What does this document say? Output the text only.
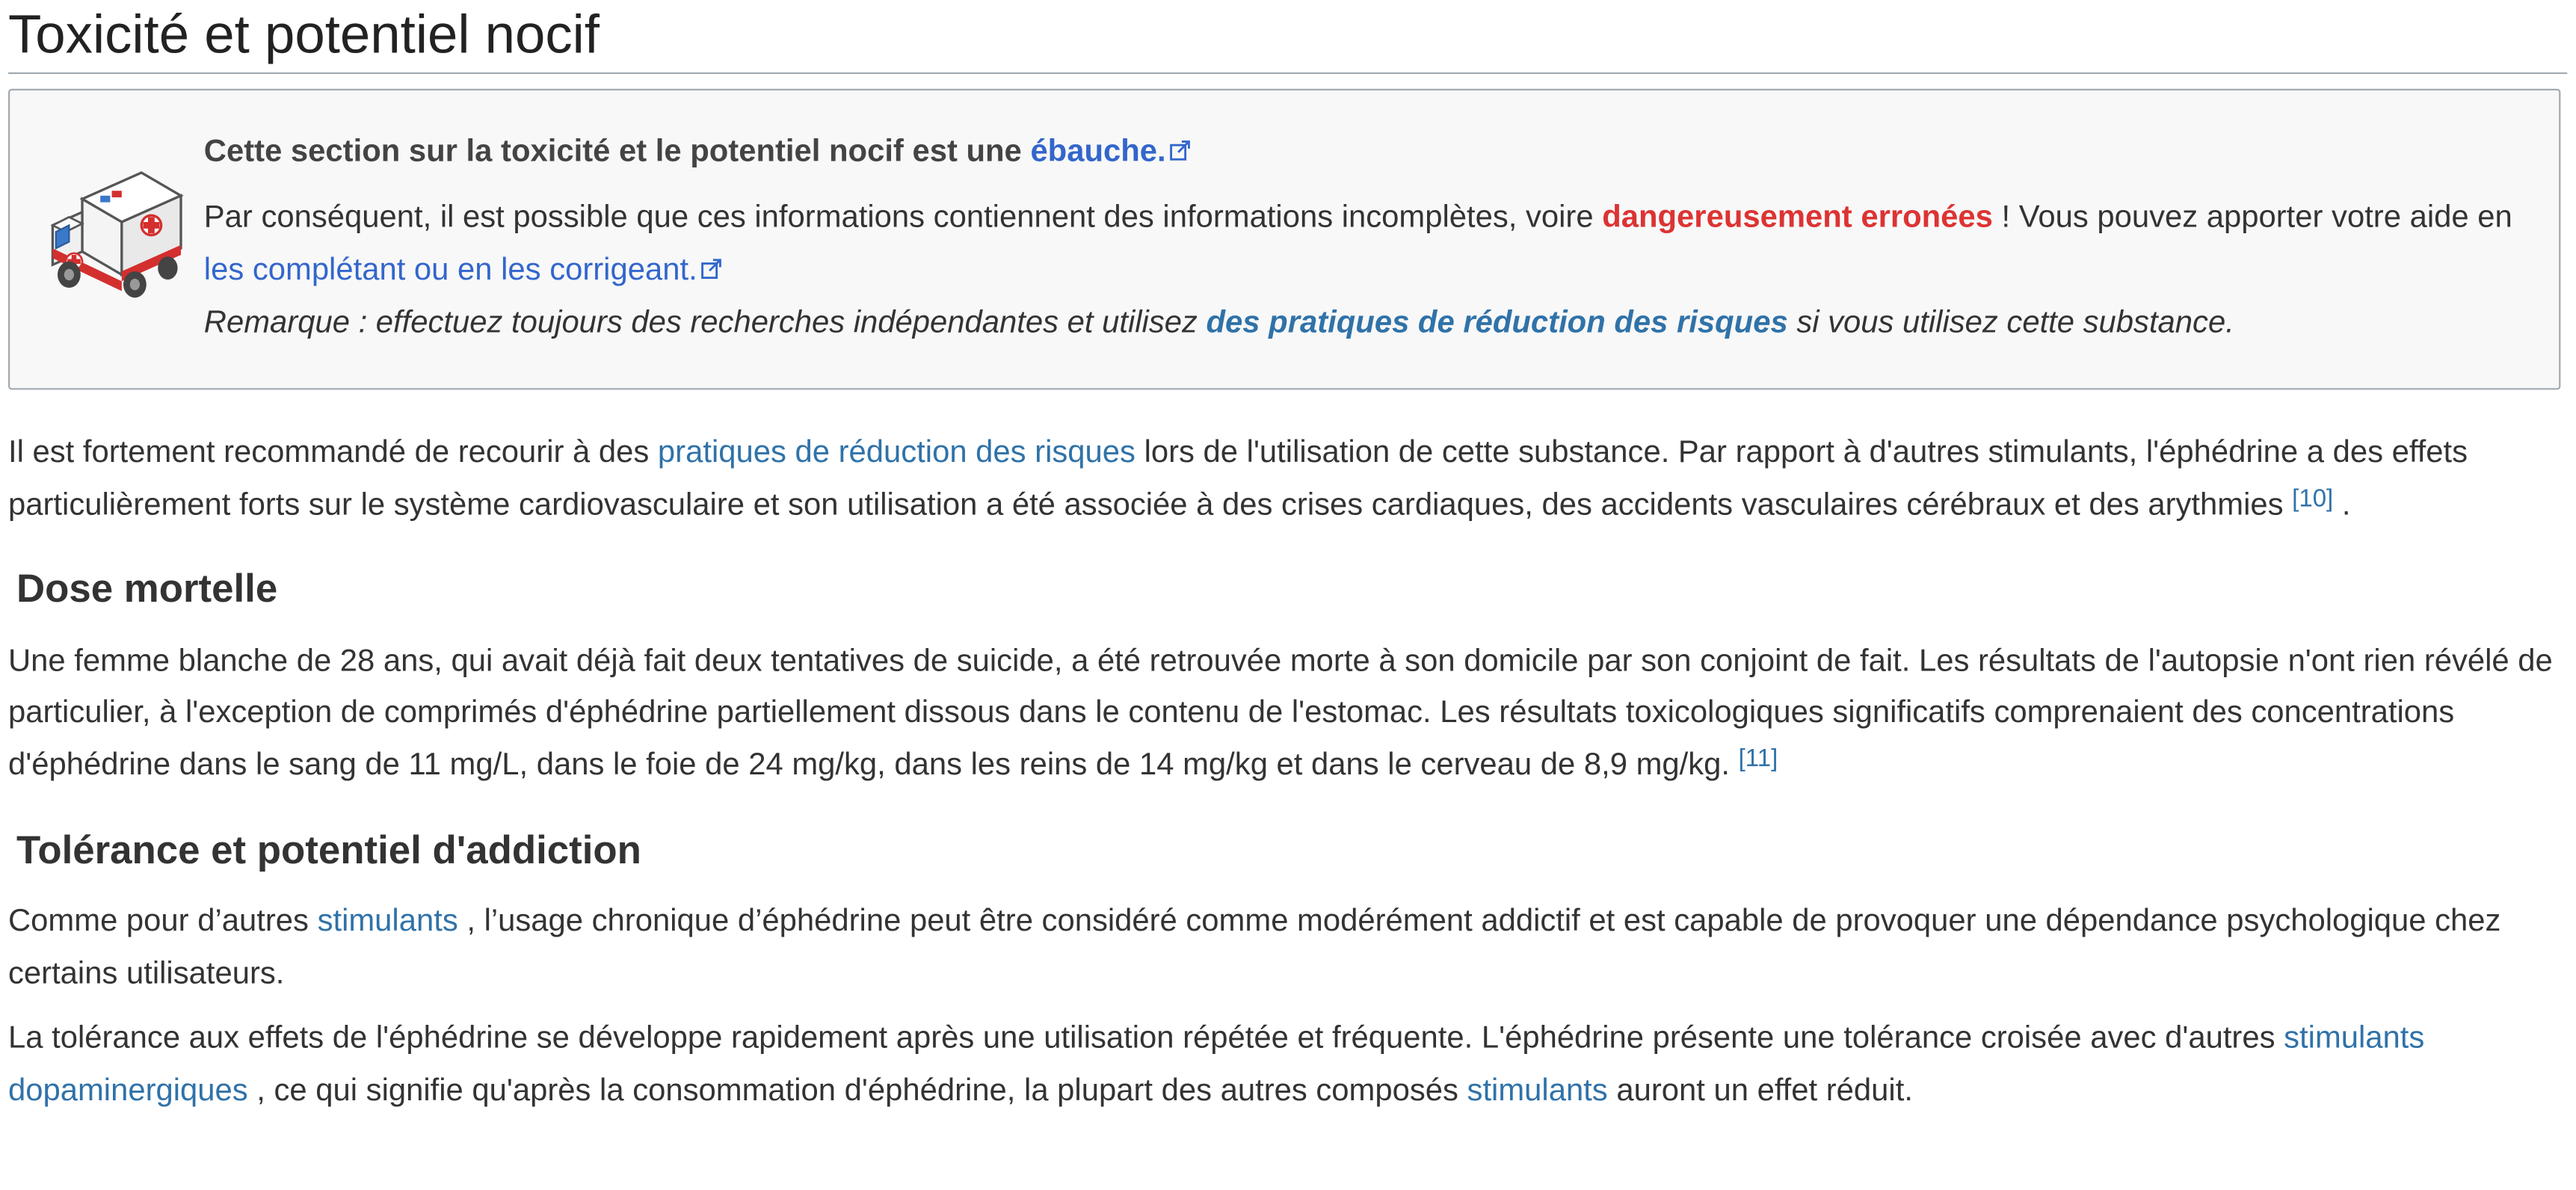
Toxicité et potentiel nocif

Cette section sur la toxicité et le potentiel nocif est une ébauche.

Par conséquent, il est possible que ces informations contiennent des informations incomplètes, voire dangereusement erronées ! Vous pouvez apporter votre aide en les complétant ou en les corrigeant.

Remarque : effectuez toujours des recherches indépendantes et utilisez des pratiques de réduction des risques si vous utilisez cette substance.

Il est fortement recommandé de recourir à des pratiques de réduction des risques lors de l'utilisation de cette substance. Par rapport à d'autres stimulants, l'éphédrine a des effets particulièrement forts sur le système cardiovasculaire et son utilisation a été associée à des crises cardiaques, des accidents vasculaires cérébraux et des arythmies [10] .

Dose mortelle

Une femme blanche de 28 ans, qui avait déjà fait deux tentatives de suicide, a été retrouvée morte à son domicile par son conjoint de fait. Les résultats de l'autopsie n'ont rien révélé de particulier, à l'exception de comprimés d'éphédrine partiellement dissous dans le contenu de l'estomac. Les résultats toxicologiques significatifs comprenaient des concentrations d'éphédrine dans le sang de 11 mg/L, dans le foie de 24 mg/kg, dans les reins de 14 mg/kg et dans le cerveau de 8,9 mg/kg. [11]

Tolérance et potentiel d'addiction

Comme pour d’autres stimulants , l’usage chronique d’éphédrine peut être considéré comme modérément addictif et est capable de provoquer une dépendance psychologique chez certains utilisateurs.

La tolérance aux effets de l'éphédrine se développe rapidement après une utilisation répétée et fréquente. L'éphédrine présente une tolérance croisée avec d'autres stimulants dopaminergiques , ce qui signifie qu'après la consommation d'éphédrine, la plupart des autres composés stimulants auront un effet réduit.
